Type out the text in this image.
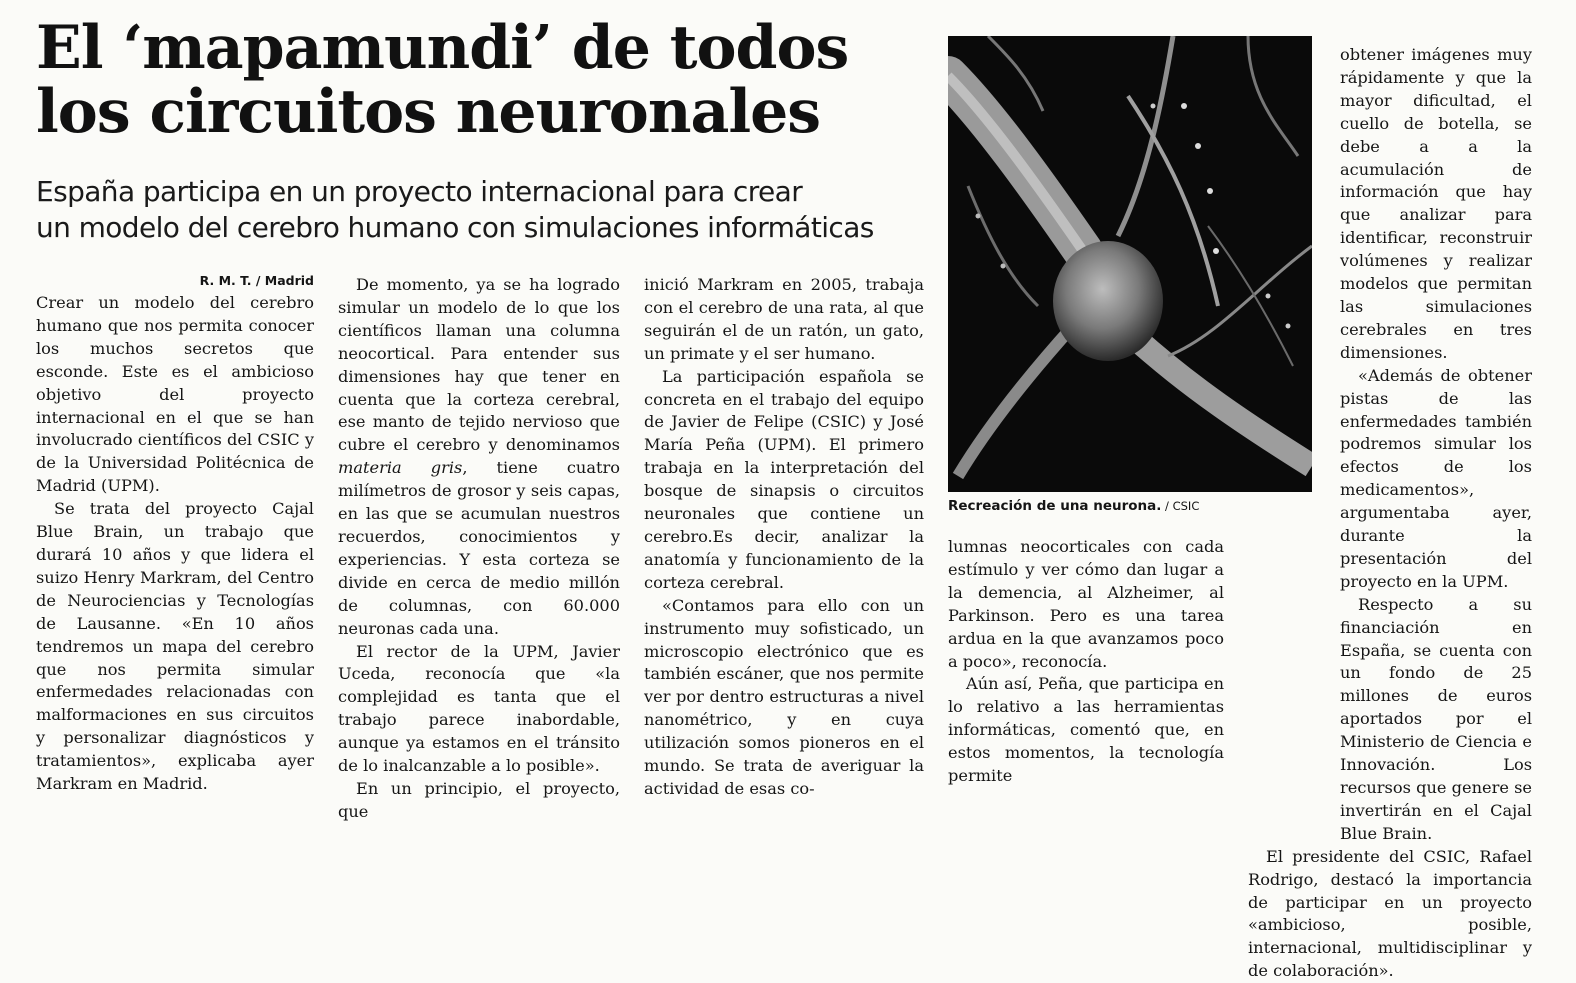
El ‘mapamundi’ de todos
los circuitos neuronales
España participa en un proyecto internacional para crear
un modelo del cerebro humano con simulaciones informáticas
R. M. T. / Madrid

Crear un modelo del cerebro humano que nos permita conocer los muchos secretos que esconde. Este es el ambicioso objetivo del proyecto internacional en el que se han involucrado científicos del CSIC y de la Universidad Politécnica de Madrid (UPM).

Se trata del proyecto Cajal Blue Brain, un trabajo que durará 10 años y que lidera el suizo Henry Markram, del Centro de Neurociencias y Tecnologías de Lausanne. «En 10 años tendremos un mapa del cerebro que nos permita simular enfermedades relacionadas con malformaciones en sus circuitos y personalizar diagnósticos y tratamientos», explicaba ayer Markram en Madrid.

De momento, ya se ha logrado simular un modelo de lo que los científicos llaman una columna neocortical. Para entender sus dimensiones hay que tener en cuenta que la corteza cerebral, ese manto de tejido nervioso que cubre el cerebro y denominamos materia gris, tiene cuatro milímetros de grosor y seis capas, en las que se acumulan nuestros recuerdos, conocimientos y experiencias. Y esta corteza se divide en cerca de medio millón de columnas, con 60.000 neuronas cada una.

El rector de la UPM, Javier Uceda, reconocía que «la complejidad es tanta que el trabajo parece inabordable, aunque ya estamos en el tránsito de lo inalcanzable a lo posible».

En un principio, el proyecto, que

inició Markram en 2005, trabaja con el cerebro de una rata, al que seguirán el de un ratón, un gato, un primate y el ser humano.

La participación española se concreta en el trabajo del equipo de Javier de Felipe (CSIC) y José María Peña (UPM). El primero trabaja en la interpretación del bosque de sinapsis o circuitos neuronales que contiene un cerebro.Es decir, analizar la anatomía y funcionamiento de la corteza cerebral.

«Contamos para ello con un instrumento muy sofisticado, un microscopio electrónico que es también escáner, que nos permite ver por dentro estructuras a nivel nanométrico, y en cuya utilización somos pioneros en el mundo. Se trata de averiguar la actividad de esas co-

Recreación de una neurona. / CSIC

lumnas neocorticales con cada estímulo y ver cómo dan lugar a la demencia, al Alzheimer, al Parkinson. Pero es una tarea ardua en la que avanzamos poco a poco», reconocía.

Aún así, Peña, que participa en lo relativo a las herramientas informáticas, comentó que, en estos momentos, la tecnología permite

obtener imágenes muy rápidamente y que la mayor dificultad, el cuello de botella, se debe a a la acumulación de información que hay que analizar para identificar, reconstruir volúmenes y realizar modelos que permitan las simulaciones cerebrales en tres dimensiones.

«Además de obtener pistas de las enfermedades también podremos simular los efectos de los medicamentos», argumentaba ayer, durante la presentación del proyecto en la UPM.

Respecto a su financiación en España, se cuenta con un fondo de 25 millones de euros aportados por el Ministerio de Ciencia e Innovación. Los recursos que genere se invertirán en el Cajal Blue Brain.

El presidente del CSIC, Rafael Rodrigo, destacó la importancia de participar en un proyecto «ambicioso, posible, internacional, multidisciplinar y de colaboración».
